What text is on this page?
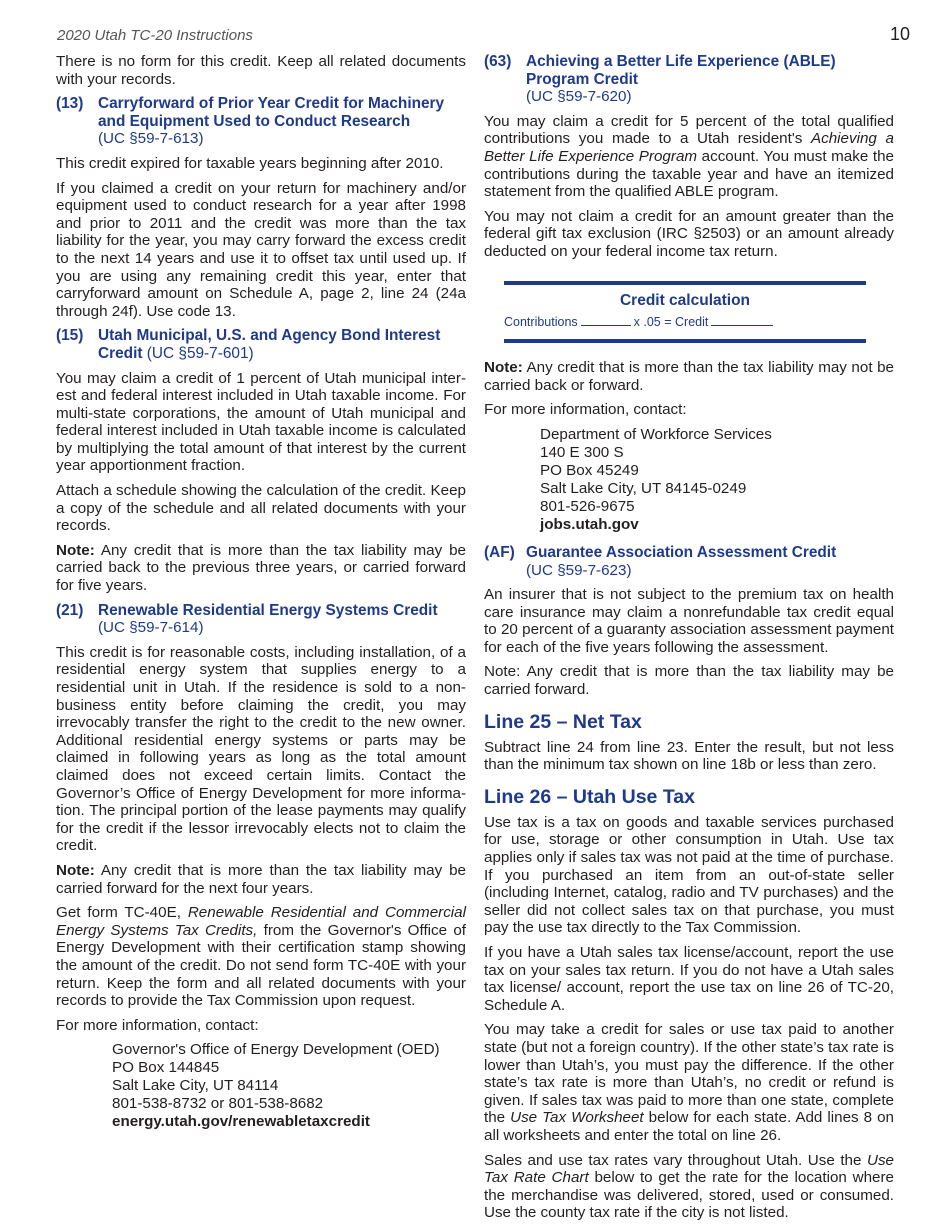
2020 Utah TC-20 Instructions	10

There is no form for this credit. Keep all related documents with your records.

(13) Carryforward of Prior Year Credit for Machinery and Equipment Used to Conduct Research
(UC §59-7-613)

This credit expired for taxable years beginning after 2010.

If you claimed a credit on your return for machinery and/or equipment used to conduct research for a year after 1998 and prior to 2011 and the credit was more than the tax liability for the year, you may carry forward the excess credit to the next 14 years and use it to offset tax until used up. If you are using any remaining credit this year, enter that carryforward amount on Schedule A, page 2, line 24 (24a through 24f). Use code 13.

(15) Utah Municipal, U.S. and Agency Bond Interest Credit (UC §59-7-601)

You may claim a credit of 1 percent of Utah municipal interest and federal interest included in Utah taxable income. For multi-state corporations, the amount of Utah municipal and federal interest included in Utah taxable income is calculated by multiplying the total amount of that interest by the current year apportionment fraction.

Attach a schedule showing the calculation of the credit. Keep a copy of the schedule and all related documents with your records.

Note: Any credit that is more than the tax liability may be carried back to the previous three years, or carried forward for five years.

(21) Renewable Residential Energy Systems Credit
(UC §59-7-614)

This credit is for reasonable costs, including installation, of a residential energy system that supplies energy to a residential unit in Utah. If the residence is sold to a non-business entity before claiming the credit, you may irrevocably transfer the right to the credit to the new owner. Additional residential energy systems or parts may be claimed in following years as long as the total amount claimed does not exceed certain limits. Contact the Governor’s Office of Energy Development for more information. The principal portion of the lease payments may qualify for the credit if the lessor irrevocably elects not to claim the credit.

Note: Any credit that is more than the tax liability may be carried forward for the next four years.

Get form TC-40E, Renewable Residential and Commercial Energy Systems Tax Credits, from the Governor's Office of Energy Development with their certification stamp showing the amount of the credit. Do not send form TC-40E with your return. Keep the form and all related documents with your records to provide the Tax Commission upon request.

For more information, contact:

Governor's Office of Energy Development (OED)
PO Box 144845
Salt Lake City, UT 84114
801-538-8732 or 801-538-8682
energy.utah.gov/renewabletaxcredit
(63) Achieving a Better Life Experience (ABLE) Program Credit
(UC §59-7-620)

You may claim a credit for 5 percent of the total qualified contributions you made to a Utah resident's Achieving a Better Life Experience Program account. You must make the contributions during the taxable year and have an itemized statement from the qualified ABLE program.

You may not claim a credit for an amount greater than the federal gift tax exclusion (IRC §2503) or an amount already deducted on your federal income tax return.

Credit calculation
Contributions	x .05 = Credit

Note: Any credit that is more than the tax liability may not be carried back or forward.

For more information, contact:

Department of Workforce Services
140 E 300 S
PO Box 45249
Salt Lake City, UT 84145-0249
801-526-9675
jobs.utah.gov
(AF) Guarantee Association Assessment Credit
(UC §59-7-623)

An insurer that is not subject to the premium tax on health care insurance may claim a nonrefundable tax credit equal to 20 percent of a guaranty association assessment payment for each of the five years following the assessment.

Note: Any credit that is more than the tax liability may be carried forward.

Line 25 – Net Tax

Subtract line 24 from line 23. Enter the result, but not less than the minimum tax shown on line 18b or less than zero.

Line 26 – Utah Use Tax

Use tax is a tax on goods and taxable services purchased for use, storage or other consumption in Utah. Use tax applies only if sales tax was not paid at the time of purchase. If you purchased an item from an out-of-state seller (including Internet, catalog, radio and TV purchases) and the seller did not collect sales tax on that purchase, you must pay the use tax directly to the Tax Commission.

If you have a Utah sales tax license/account, report the use tax on your sales tax return. If you do not have a Utah sales tax license/ account, report the use tax on line 26 of TC-20, Schedule A.

You may take a credit for sales or use tax paid to another state (but not a foreign country). If the other state’s tax rate is lower than Utah’s, you must pay the difference. If the other state’s tax rate is more than Utah’s, no credit or refund is given. If sales tax was paid to more than one state, complete the Use Tax Worksheet below for each state. Add lines 8 on all worksheets and enter the total on line 26.

Sales and use tax rates vary throughout Utah. Use the Use Tax Rate Chart below to get the rate for the location where the merchandise was delivered, stored, used or consumed. Use the county tax rate if the city is not listed.
